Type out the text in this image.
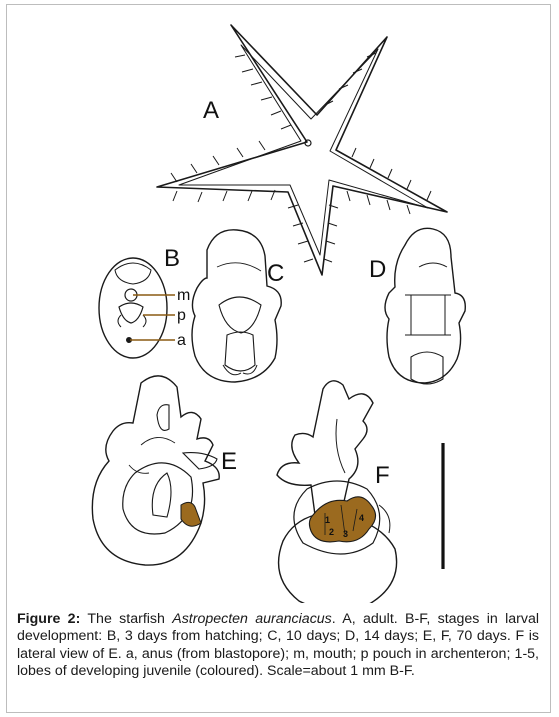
A
B
m
p
a
C	D
E
1
2 3
4
F
Figure 2: The starfish Astropecten auranciacus. A, adult. B-F, stages in larval development: B, 3 days from hatching; C, 10 days; D, 14 days; E, F, 70 days. F is lateral view of E. a, anus (from blastopore); m, mouth; p pouch in archenteron; 1-5, lobes of developing juvenile (coloured). Scale=about 1 mm B-F.
